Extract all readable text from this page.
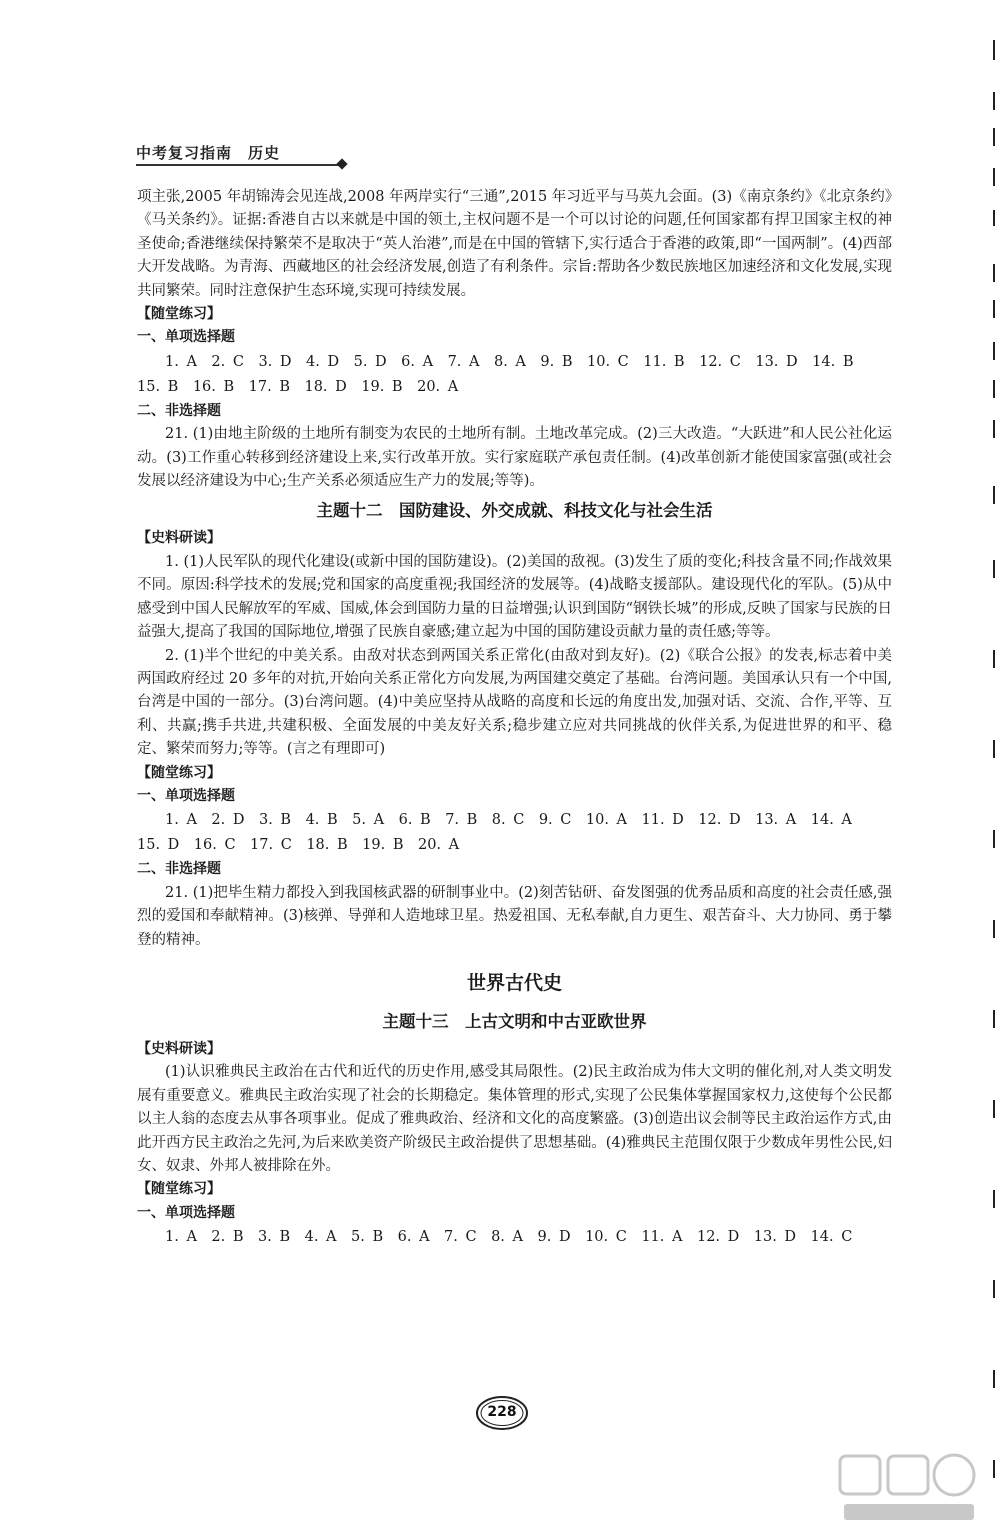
中考复习指南　历史

项主张,2005 年胡锦涛会见连战,2008 年两岸实行“三通”,2015 年习近平与马英九会面。(3)《南京条约》《北京条约》《马关条约》。证据:香港自古以来就是中国的领土,主权问题不是一个可以讨论的问题,任何国家都有捍卫国家主权的神圣使命;香港继续保持繁荣不是取决于“英人治港”,而是在中国的管辖下,实行适合于香港的政策,即“一国两制”。(4)西部大开发战略。为青海、西藏地区的社会经济发展,创造了有利条件。宗旨:帮助各少数民族地区加速经济和文化发展,实现共同繁荣。同时注意保护生态环境,实现可持续发展。

【随堂练习】

一、单项选择题

1. A　2. C　3. D　4. D　5. D　6. A　7. A　8. A　9. B　10. C　11. B　12. C　13. D　14. B

15. B　16. B　17. B　18. D　19. B　20. A

二、非选择题

21. (1)由地主阶级的土地所有制变为农民的土地所有制。土地改革完成。(2)三大改造。“大跃进”和人民公社化运动。(3)工作重心转移到经济建设上来,实行改革开放。实行家庭联产承包责任制。(4)改革创新才能使国家富强(或社会发展以经济建设为中心;生产关系必须适应生产力的发展;等等)。

主题十二　国防建设、外交成就、科技文化与社会生活

【史料研读】

1. (1)人民军队的现代化建设(或新中国的国防建设)。(2)美国的敌视。(3)发生了质的变化;科技含量不同;作战效果不同。原因:科学技术的发展;党和国家的高度重视;我国经济的发展等。(4)战略支援部队。建设现代化的军队。(5)从中感受到中国人民解放军的军威、国威,体会到国防力量的日益增强;认识到国防“钢铁长城”的形成,反映了国家与民族的日益强大,提高了我国的国际地位,增强了民族自豪感;建立起为中国的国防建设贡献力量的责任感;等等。

2. (1)半个世纪的中美关系。由敌对状态到两国关系正常化(由敌对到友好)。(2)《联合公报》的发表,标志着中美两国政府经过 20 多年的对抗,开始向关系正常化方向发展,为两国建交奠定了基础。台湾问题。美国承认只有一个中国,台湾是中国的一部分。(3)台湾问题。(4)中美应坚持从战略的高度和长远的角度出发,加强对话、交流、合作,平等、互利、共赢;携手共进,共建积极、全面发展的中美友好关系;稳步建立应对共同挑战的伙伴关系,为促进世界的和平、稳定、繁荣而努力;等等。(言之有理即可)

【随堂练习】

一、单项选择题

1. A　2. D　3. B　4. B　5. A　6. B　7. B　8. C　9. C　10. A　11. D　12. D　13. A　14. A

15. D　16. C　17. C　18. B　19. B　20. A

二、非选择题

21. (1)把毕生精力都投入到我国核武器的研制事业中。(2)刻苦钻研、奋发图强的优秀品质和高度的社会责任感,强烈的爱国和奉献精神。(3)核弹、导弹和人造地球卫星。热爱祖国、无私奉献,自力更生、艰苦奋斗、大力协同、勇于攀登的精神。

世界古代史
主题十三　上古文明和中古亚欧世界

【史料研读】

(1)认识雅典民主政治在古代和近代的历史作用,感受其局限性。(2)民主政治成为伟大文明的催化剂,对人类文明发展有重要意义。雅典民主政治实现了社会的长期稳定。集体管理的形式,实现了公民集体掌握国家权力,这使每个公民都以主人翁的态度去从事各项事业。促成了雅典政治、经济和文化的高度繁盛。(3)创造出议会制等民主政治运作方式,由此开西方民主政治之先河,为后来欧美资产阶级民主政治提供了思想基础。(4)雅典民主范围仅限于少数成年男性公民,妇女、奴隶、外邦人被排除在外。

【随堂练习】

一、单项选择题

1. A　2. B　3. B　4. A　5. B　6. A　7. C　8. A　9. D　10. C　11. A　12. D　13. D　14. C

228
